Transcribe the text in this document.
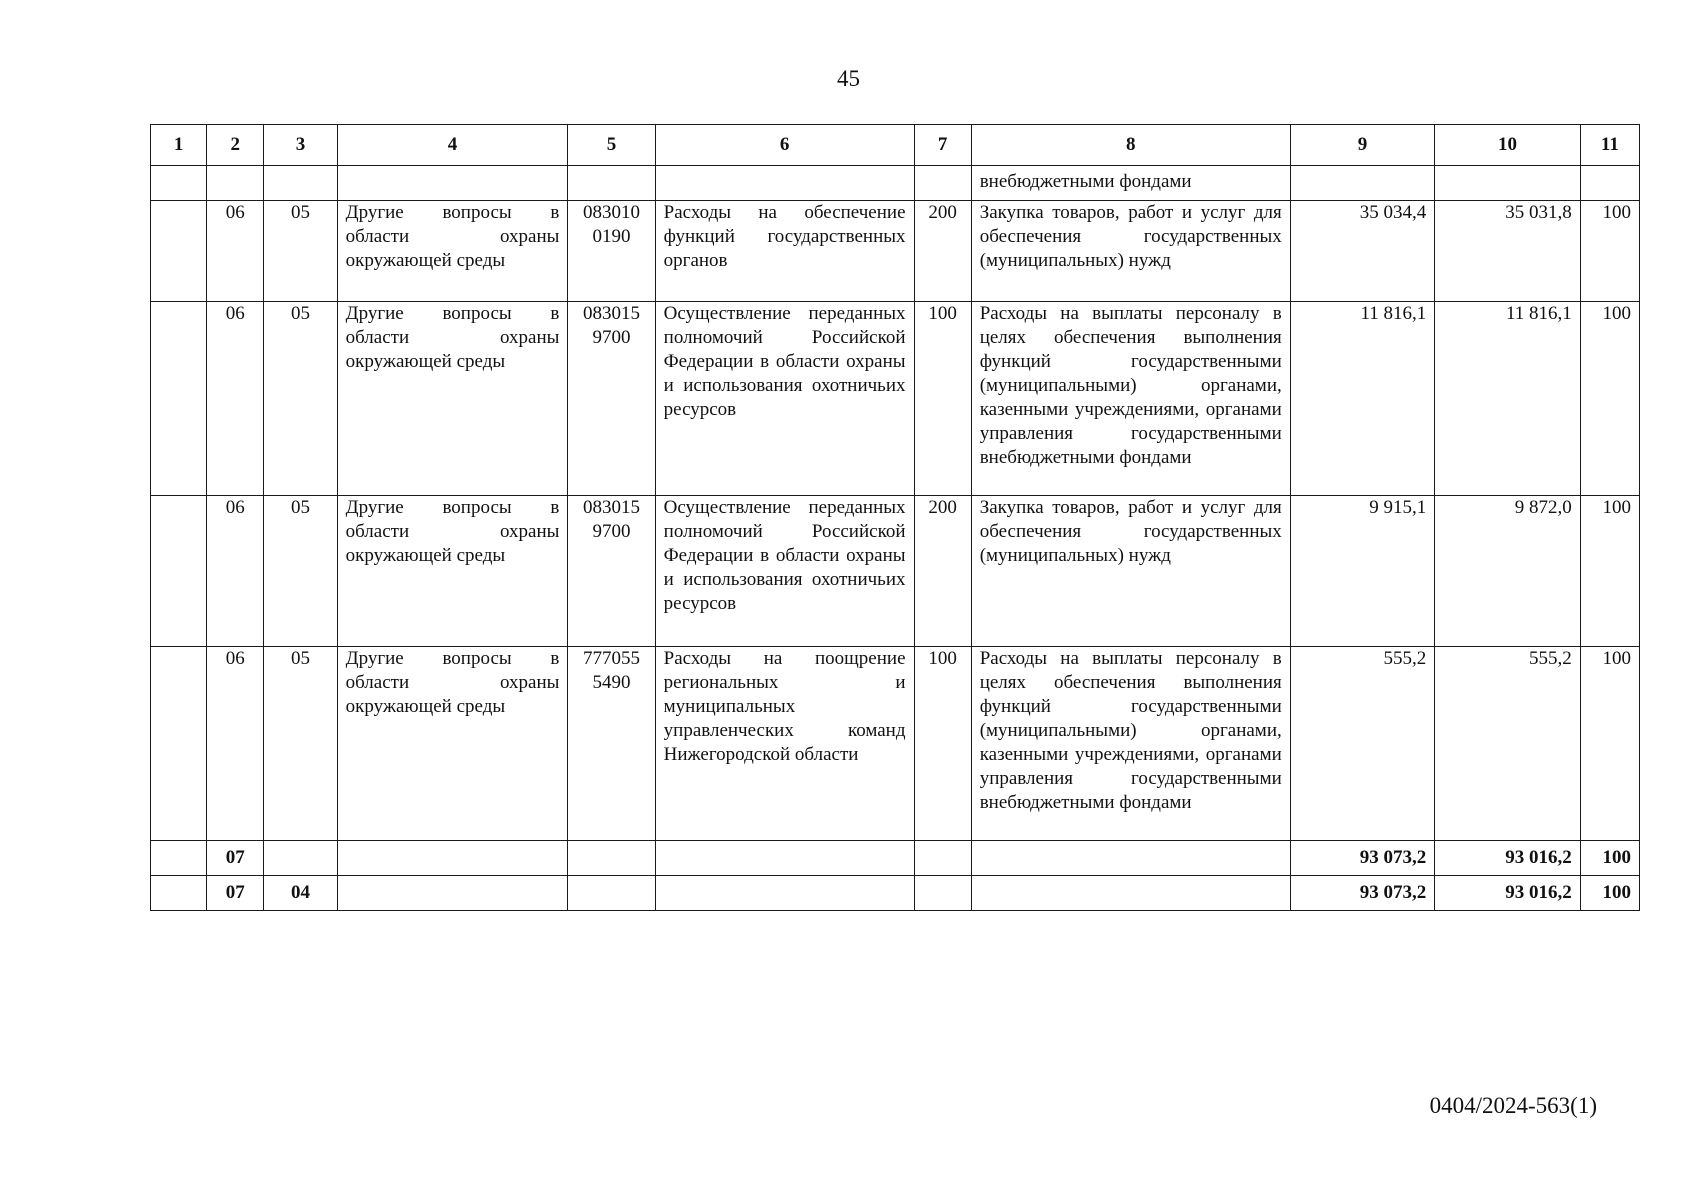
45
1	2	3	4	5	6	7	8	9	10	11
							внебюджетными фондами			
	06	05	Другие вопросы в области охраны окружающей среды	083010 0190	Расходы на обеспечение функций государственных органов	200	Закупка товаров, работ и услуг для обеспечения государственных (муниципальных) нужд	35 034,4	35 031,8	100
	06	05	Другие вопросы в области охраны окружающей среды	083015 9700	Осуществление переданных полномочий Российской Федерации в области охраны и использования охотничьих ресурсов	100	Расходы на выплаты персоналу в целях обеспечения выполнения функций государственными (муниципальными) органами, казенными учреждениями, органами управления государственными внебюджетными фондами	11 816,1	11 816,1	100
	06	05	Другие вопросы в области охраны окружающей среды	083015 9700	Осуществление переданных полномочий Российской Федерации в области охраны и использования охотничьих ресурсов	200	Закупка товаров, работ и услуг для обеспечения государственных (муниципальных) нужд	9 915,1	9 872,0	100
	06	05	Другие вопросы в области охраны окружающей среды	777055 5490	Расходы на поощрение региональных и муниципальных управленческих команд Нижегородской области	100	Расходы на выплаты персоналу в целях обеспечения выполнения функций государственными (муниципальными) органами, казенными учреждениями, органами управления государственными внебюджетными фондами	555,2	555,2	100
	07							93 073,2	93 016,2	100
	07	04						93 073,2	93 016,2	100
0404/2024-563(1)
